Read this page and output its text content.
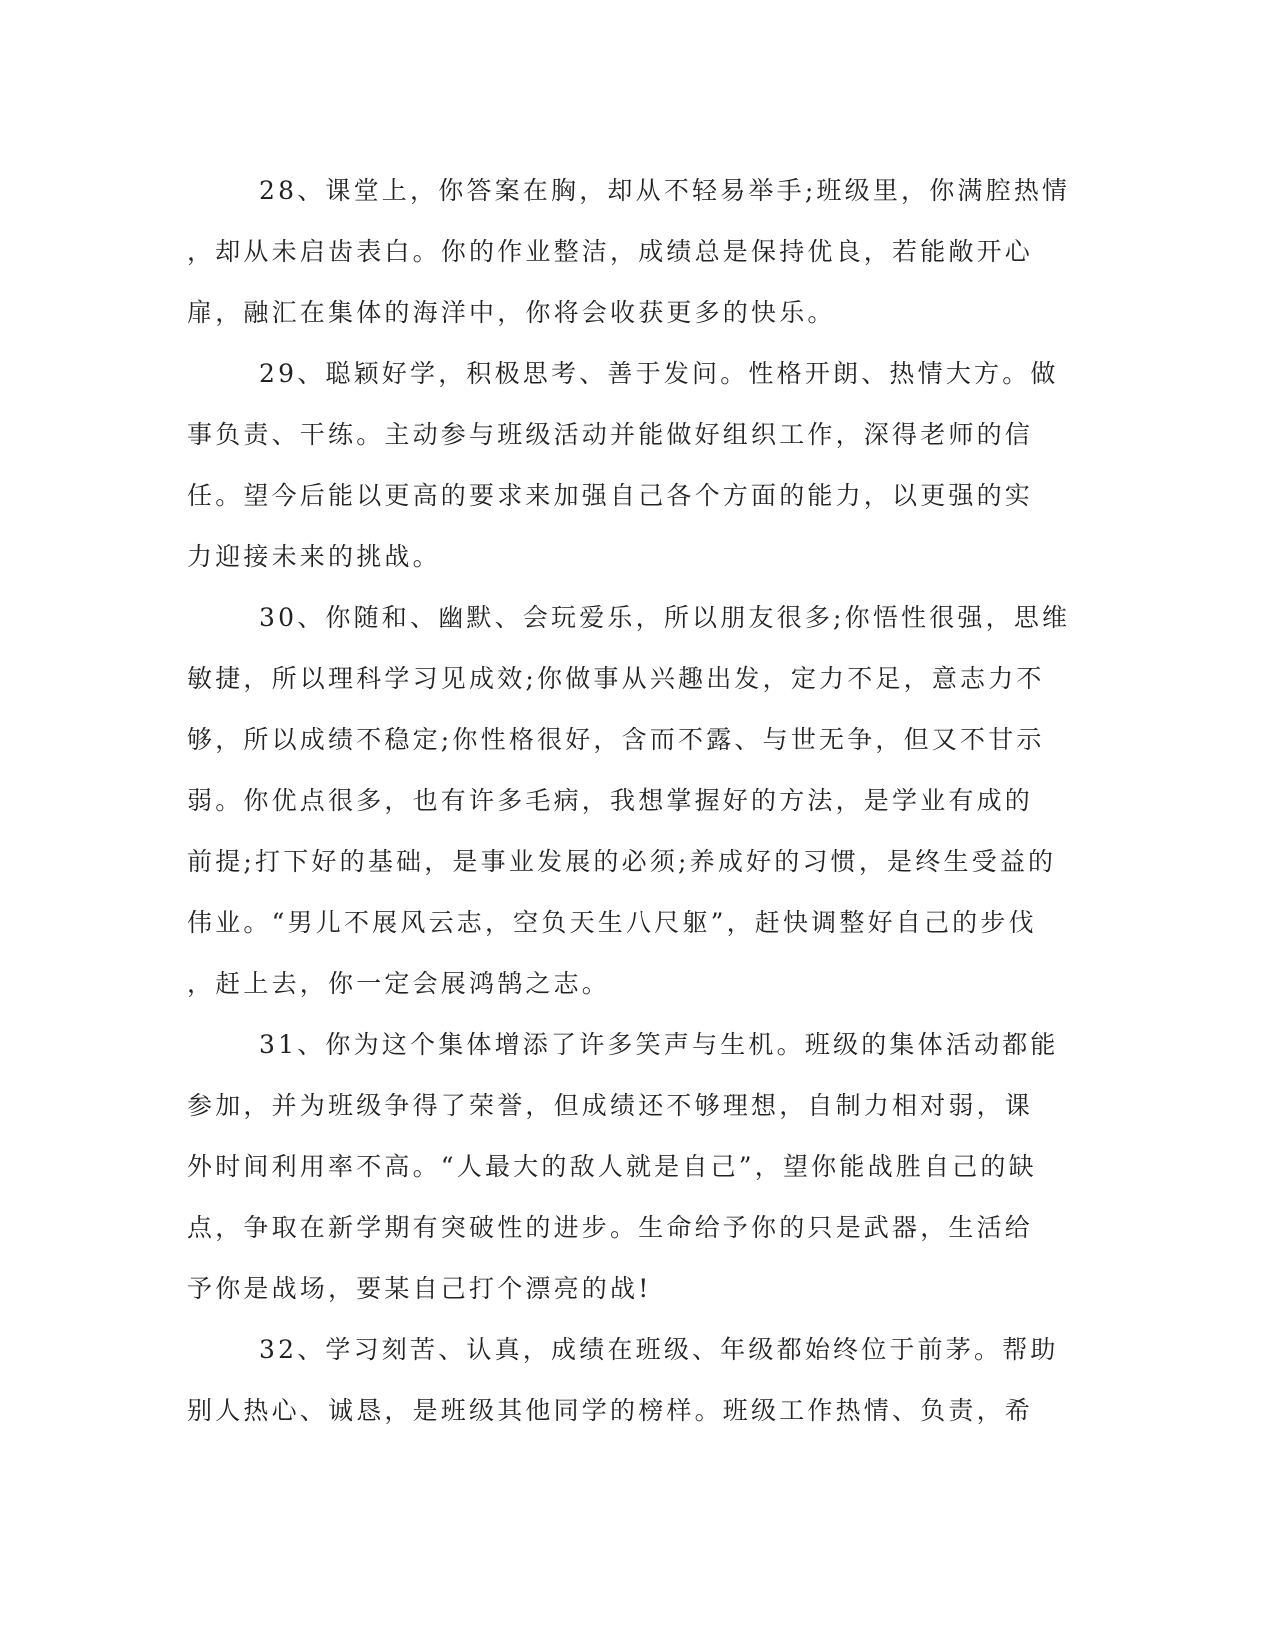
28、课堂上，你答案在胸，却从不轻易举手;班级里，你满腔热情
，却从未启齿表白。你的作业整洁，成绩总是保持优良，若能敞开心
扉，融汇在集体的海洋中，你将会收获更多的快乐。
29、聪颖好学，积极思考、善于发问。性格开朗、热情大方。做
事负责、干练。主动参与班级活动并能做好组织工作，深得老师的信
任。望今后能以更高的要求来加强自己各个方面的能力，以更强的实
力迎接未来的挑战。
30、你随和、幽默、会玩爱乐，所以朋友很多;你悟性很强，思维
敏捷，所以理科学习见成效;你做事从兴趣出发，定力不足，意志力不
够，所以成绩不稳定;你性格很好，含而不露、与世无争，但又不甘示
弱。你优点很多，也有许多毛病，我想掌握好的方法，是学业有成的
前提;打下好的基础，是事业发展的必须;养成好的习惯，是终生受益的
伟业。“男儿不展风云志，空负天生八尺躯”，赶快调整好自己的步伐
，赶上去，你一定会展鸿鹄之志。
31、你为这个集体增添了许多笑声与生机。班级的集体活动都能
参加，并为班级争得了荣誉，但成绩还不够理想，自制力相对弱，课
外时间利用率不高。“人最大的敌人就是自己”，望你能战胜自己的缺
点，争取在新学期有突破性的进步。生命给予你的只是武器，生活给
予你是战场，要某自己打个漂亮的战!
32、学习刻苦、认真，成绩在班级、年级都始终位于前茅。帮助
别人热心、诚恳，是班级其他同学的榜样。班级工作热情、负责，希
